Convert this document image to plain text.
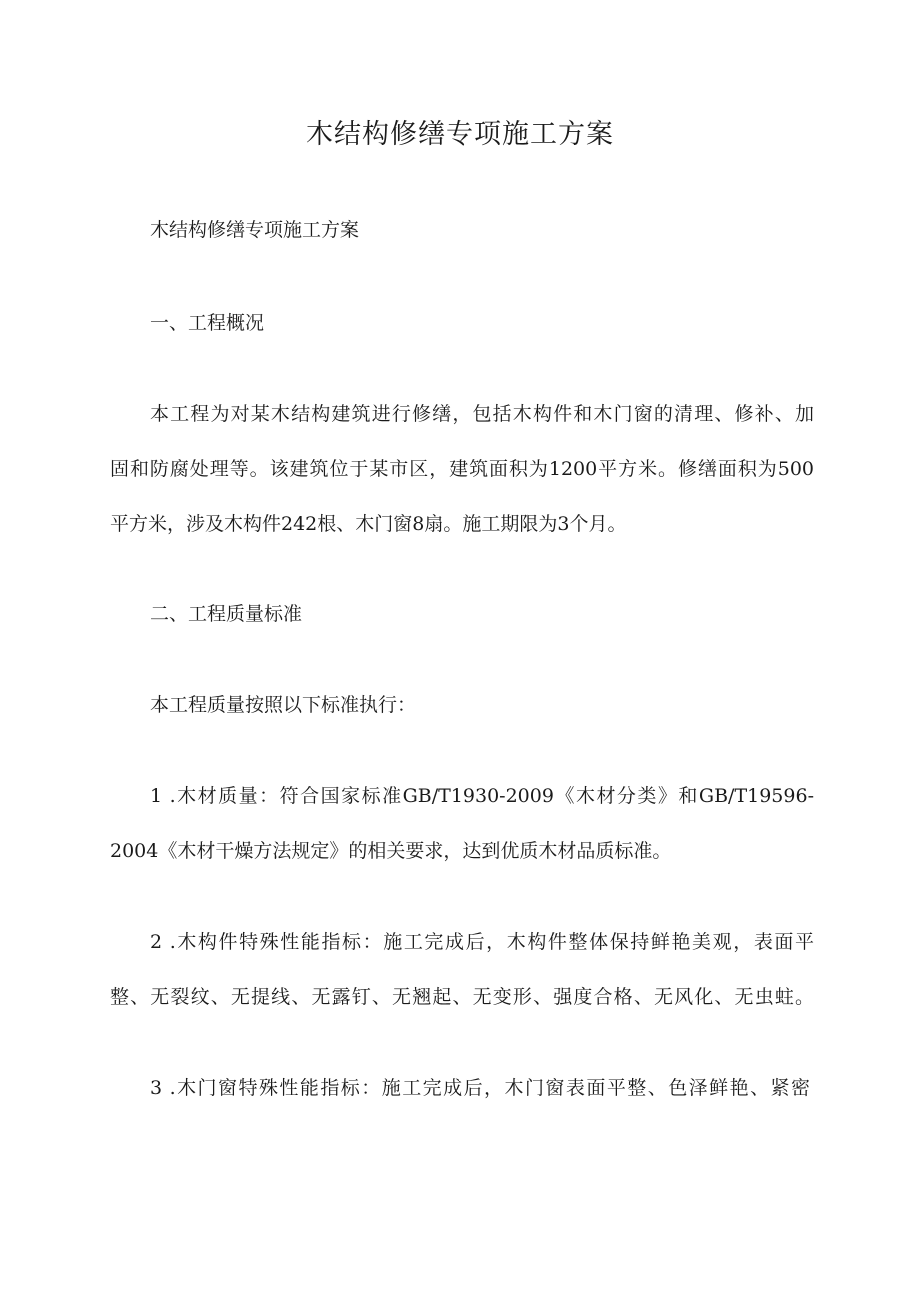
木结构修缮专项施工方案
木结构修缮专项施工方案
一、工程概况
本工程为对某木结构建筑进行修缮，包括木构件和木门窗的清理、修补、加
固和防腐处理等。该建筑位于某市区，建筑面积为1200平方米。修缮面积为500
平方米，涉及木构件242根、木门窗8扇。施工期限为3个月。
二、工程质量标准
本工程质量按照以下标准执行：
1 .木材质量：符合国家标准GB/T1930-2009《木材分类》和GB/T19596-
2004《木材干燥方法规定》的相关要求，达到优质木材品质标准。
2 .木构件特殊性能指标：施工完成后，木构件整体保持鲜艳美观，表面平
整、无裂纹、无提线、无露钉、无翘起、无变形、强度合格、无风化、无虫蛀。
3 .木门窗特殊性能指标：施工完成后，木门窗表面平整、色泽鲜艳、紧密
